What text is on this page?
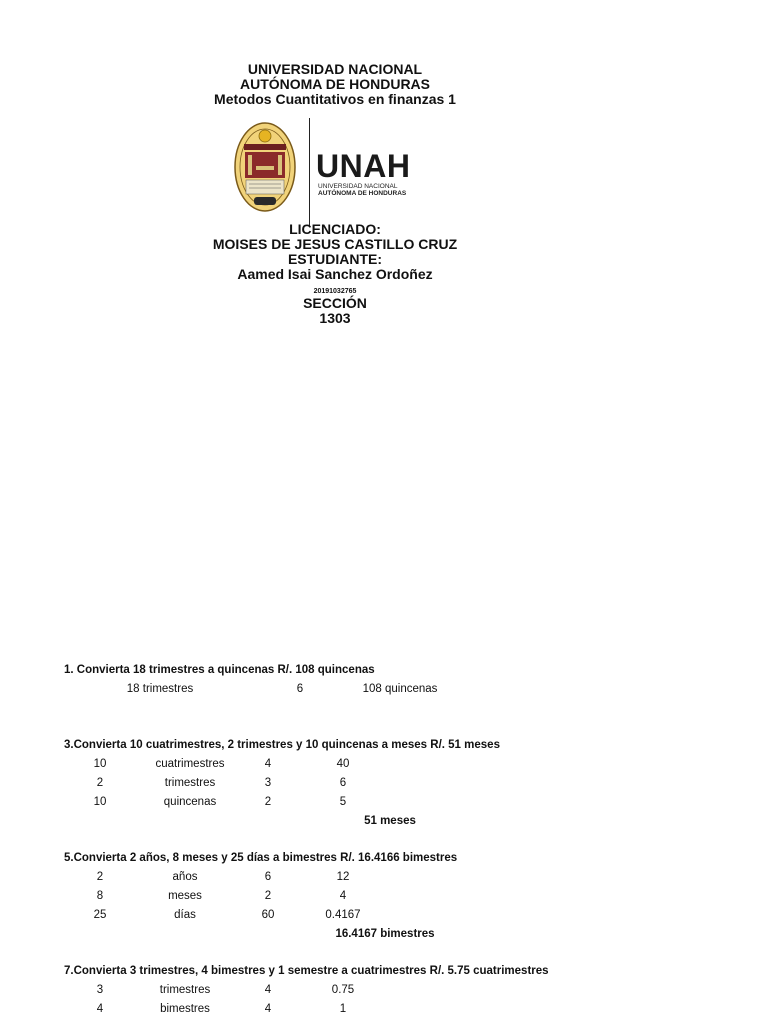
UNIVERSIDAD NACIONAL
AUTÓNOMA DE HONDURAS
Metodos Cuantitativos en finanzas 1
UNAH
UNIVERSIDAD NACIONAL
AUTÓNOMA DE HONDURAS
LICENCIADO:
MOISES DE JESUS CASTILLO CRUZ
ESTUDIANTE:
Aamed Isai Sanchez Ordoñez
20191032765
SECCIÓN
1303
1. Convierta 18 trimestres a quincenas R/. 108 quincenas
18 trimestres	6	108 quincenas
3.Convierta 10 cuatrimestres, 2 trimestres y 10 quincenas a meses R/. 51 meses
10	cuatrimestres	4	40
2	trimestres	3	6
10	quincenas	2	5
51 meses
5.Convierta 2 años, 8 meses y 25 días a bimestres R/. 16.4166 bimestres
2	años	6	12
8	meses	2	4
25	días	60	0.4167
16.4167 bimestres
7.Convierta 3 trimestres, 4 bimestres y 1 semestre a cuatrimestres R/. 5.75 cuatrimestres
3	trimestres	4	0.75
4	bimestres	4	1
